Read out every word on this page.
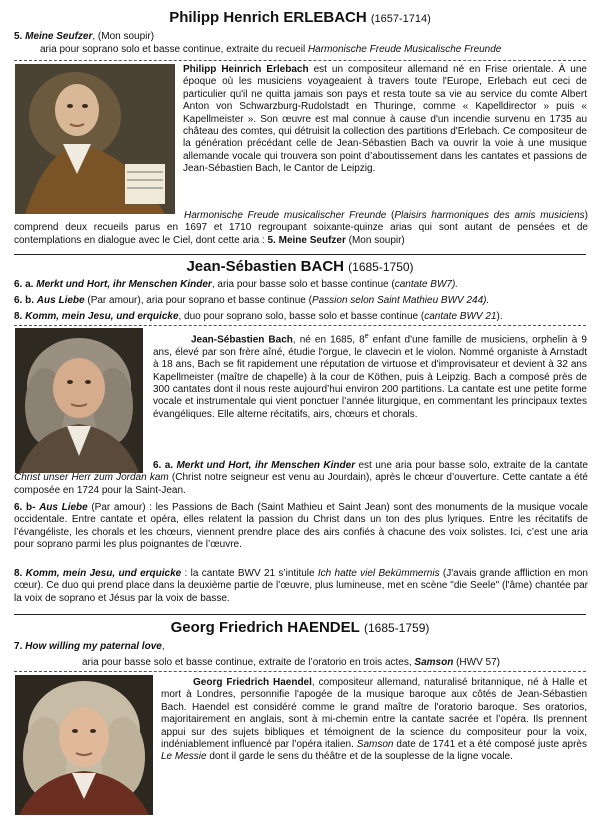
Philipp Henrich ERLEBACH (1657-1714)
5. Meine Seufzer, (Mon soupir)
aria pour soprano solo et basse continue, extraite du recueil Harmonische Freude Musicalische Freunde
Philipp Heinrich Erlebach est un compositeur allemand né en Frise orientale. À une époque où les musiciens voyageaient à travers toute l'Europe, Erlebach eut ceci de particulier qu'il ne quitta jamais son pays et resta toute sa vie au service du comte Albert Anton von Schwarzburg-Rudolstadt en Thuringe, comme « Kapelldirector » puis « Kapellmeister ». Son œuvre est mal connue à cause d'un incendie survenu en 1735 au château des comtes, qui détruisit la collection des partitions d'Erlebach. Ce compositeur de la génération précédant celle de Jean-Sébastien Bach va ouvrir la voie à une musique allemande vocale qui trouvera son point d’aboutissement dans les cantates et passions de Jean-Sébastien Bach, le Cantor de Leipzig.
Harmonische Freude musicalischer Freunde (Plaisirs harmoniques des amis musiciens) comprend deux recueils parus en 1697 et 1710 regroupant soixante-quinze arias qui sont autant de pensées et de contemplations en dialogue avec le Ciel, dont cette aria : 5. Meine Seufzer (Mon soupir)
Jean-Sébastien BACH (1685-1750)
6. a. Merkt und Hort, ihr Menschen Kinder, aria pour basse solo et basse continue (cantate BW7).
6. b. Aus Liebe (Par amour), aria pour soprano et basse continue (Passion selon Saint Mathieu BWV 244).
8. Komm, mein Jesu, und erquicke, duo pour soprano solo, basse solo et basse continue (cantate BWV 21).
Jean-Sébastien Bach, né en 1685, 8e enfant d'une famille de musiciens, orphelin à 9 ans, élevé par son frère aîné, étudie l'orgue, le clavecin et le violon. Nommé organiste à Arnstadt à 18 ans, Bach se fit rapidement une réputation de virtuose et d'improvisateur et devient à 32 ans Kapellmeister (maître de chapelle) à la cour de Köthen, puis à Leipzig. Bach a composé près de 300 cantates dont il nous reste aujourd’hui environ 200 partitions. La cantate est une petite forme vocale et instrumentale qui vient ponctuer l’année liturgique, en commentant les principaux textes évangéliques. Elle alterne récitatifs, airs, chœurs et chorals.
6. a. Merkt und Hort, ihr Menschen Kinder est une aria pour basse solo, extraite de la cantate Christ unser Herr zum Jordan kam (Christ notre seigneur est venu au Jourdain), après le chœur d’ouverture. Cette cantate a été composée en 1724 pour la Saint-Jean.
6. b- Aus Liebe (Par amour) : les Passions de Bach (Saint Mathieu et Saint Jean) sont des monuments de la musique vocale occidentale. Entre cantate et opéra, elles relatent la passion du Christ dans un ton des plus lyriques. Entre les récitatifs de l’évangéliste, les chorals et les chœurs, viennent prendre place des airs confiés à chacune des voix solistes. Ici, c’est une aria pour soprano parmi les plus poignantes de l’œuvre.
8. Komm, mein Jesu, und erquicke : la cantate BWV 21 s’intitule Ich hatte viel Bekümmernis (J'avais grande affliction en mon cœur). Ce duo qui prend place dans la deuxième partie de l’œuvre, plus lumineuse, met en scène "die Seele" (l'âme) chantée par la voix de soprano et Jésus par la voix de basse.
Georg Friedrich HAENDEL (1685-1759)
7. How willing my paternal love,
aria pour basse solo et basse continue, extraite de l’oratorio en trois actes, Samson (HWV 57)
Georg Friedrich Haendel, compositeur allemand, naturalisé britannique, né à Halle et mort à Londres, personnifie l'apogée de la musique baroque aux côtés de Jean-Sébastien Bach. Haendel est considéré comme le grand maître de l'oratorio baroque. Ses oratorios, majoritairement en anglais, sont à mi-chemin entre la cantate sacrée et l’opéra. Ils prennent appui sur des sujets bibliques et témoignent de la science du compositeur pour la voix, indéniablement influencé par l’opéra italien. Samson date de 1741 et a été composé juste après Le Messie dont il garde le sens du théâtre et de la souplesse de la ligne vocale.
